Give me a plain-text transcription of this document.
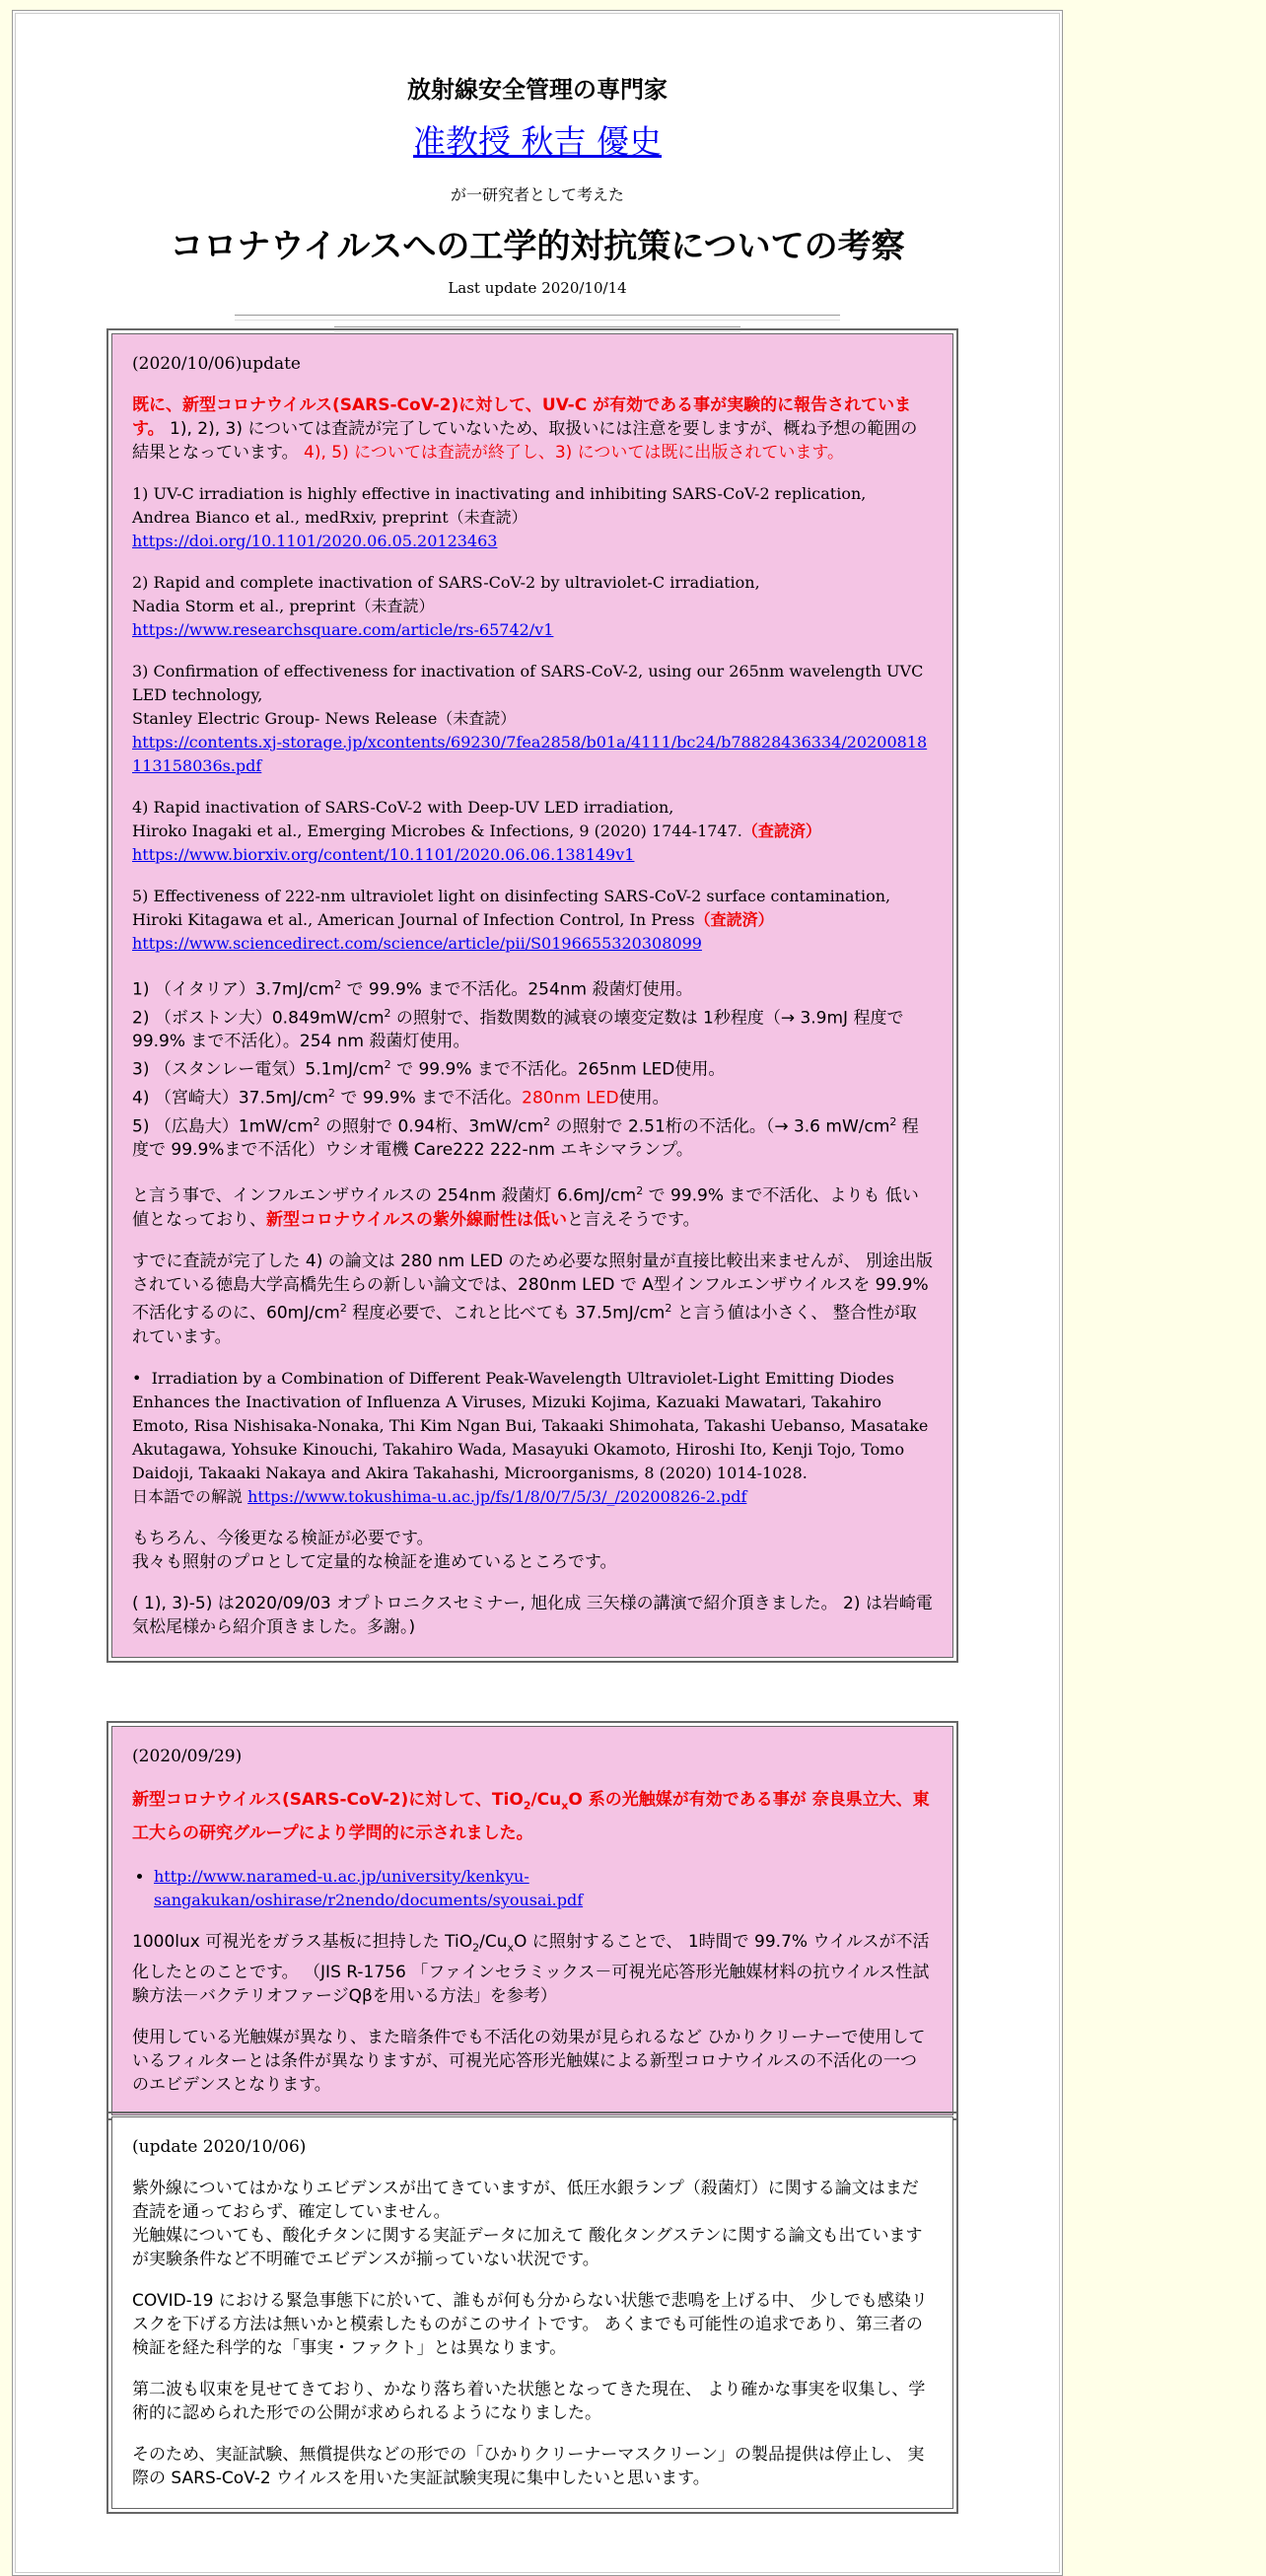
放射線安全管理の専門家
准教授 秋吉 優史
が一研究者として考えた
コロナウイルスへの工学的対抗策についての考察
Last update 2020/10/14

(2020/10/06)update

既に、新型コロナウイルス(SARS-CoV-2)に対して、UV-C が有効である事が実験的に報告されています。 1), 2), 3) については査読が完了していないため、取扱いには注意を要しますが、概ね予想の範囲の結果となっています。 4), 5) については査読が終了し、3) については既に出版されています。

1) UV-C irradiation is highly effective in inactivating and inhibiting SARS-CoV-2 replication,
Andrea Bianco et al., medRxiv, preprint（未査読）
https://doi.org/10.1101/2020.06.05.20123463

2) Rapid and complete inactivation of SARS-CoV-2 by ultraviolet-C irradiation,
Nadia Storm et al., preprint（未査読）
https://www.researchsquare.com/article/rs-65742/v1

3) Confirmation of effectiveness for inactivation of SARS-CoV-2, using our 265nm wavelength UVC LED technology,
Stanley Electric Group- News Release（未査読）
https://contents.xj-storage.jp/xcontents/69230/7fea2858/b01a/4111/bc24/b78828436334/20200818113158036s.pdf

4) Rapid inactivation of SARS-CoV-2 with Deep-UV LED irradiation,
Hiroko Inagaki et al., Emerging Microbes & Infections, 9 (2020) 1744-1747.（査読済）
https://www.biorxiv.org/content/10.1101/2020.06.06.138149v1

5) Effectiveness of 222-nm ultraviolet light on disinfecting SARS-CoV-2 surface contamination, Hiroki Kitagawa et al., American Journal of Infection Control, In Press（査読済）
https://www.sciencedirect.com/science/article/pii/S0196655320308099

1) （イタリア）$3.7mJ/cm^2$ で 99.9% まで不活化。254nm 殺菌灯使用。
2) （ボストン大）$0.849mW/cm^2$ の照射で、指数関数的減衰の壊変定数は 1秒程度（→ 3.9mJ 程度で 99.9% まで不活化）。254 nm 殺菌灯使用。
3) （スタンレー電気）$5.1mJ/cm^2$ で 99.9% まで不活化。265nm LED使用。
4) （宮崎大）$37.5mJ/cm^2$ で 99.9% まで不活化。280nm LED使用。
5) （広島大）$1mW/cm^2$ の照射で 0.94桁、$3mW/cm^2$ の照射で 2.51桁の不活化。（→ 3.6 $mW/cm^2$ 程度で 99.9%まで不活化）ウシオ電機 Care222 222-nm エキシマランプ。

と言う事で、インフルエンザウイルスの 254nm 殺菌灯 $6.6mJ/cm^2$ で 99.9% まで不活化、よりも 低い値となっており、新型コロナウイルスの紫外線耐性は低いと言えそうです。

すでに査読が完了した 4) の論文は 280 nm LED のため必要な照射量が直接比較出来ませんが、 別途出版されている徳島大学高橋先生らの新しい論文では、280nm LED で A型インフルエンザウイルスを 99.9% 不活化するのに、$60mJ/cm^2$ 程度必要で、これと比べても $37.5mJ/cm^2$ と言う値は小さく、 整合性が取れています。

•  Irradiation by a Combination of Different Peak-Wavelength Ultraviolet-Light Emitting Diodes Enhances the Inactivation of Influenza A Viruses, Mizuki Kojima, Kazuaki Mawatari, Takahiro Emoto, Risa Nishisaka-Nonaka, Thi Kim Ngan Bui, Takaaki Shimohata, Takashi Uebanso, Masatake Akutagawa, Yohsuke Kinouchi, Takahiro Wada, Masayuki Okamoto, Hiroshi Ito, Kenji Tojo, Tomo Daidoji, Takaaki Nakaya and Akira Takahashi, Microorganisms, 8 (2020) 1014-1028.
日本語での解説 https://www.tokushima-u.ac.jp/fs/1/8/0/7/5/3/_/20200826-2.pdf

もちろん、今後更なる検証が必要です。
我々も照射のプロとして定量的な検証を進めているところです。

( 1), 3)-5) は2020/09/03 オプトロニクスセミナー, 旭化成 三矢様の講演で紹介頂きました。 2) は岩崎電気松尾様から紹介頂きました。多謝。)

(2020/09/29)

新型コロナウイルス(SARS-CoV-2)に対して、$TiO_2/Cu_xO$ 系の光触媒が有効である事が 奈良県立大、東工大らの研究グループにより学問的に示されました。

• http://www.naramed-u.ac.jp/university/kenkyu-sangakukan/oshirase/r2nendo/documents/syousai.pdf

1000lux 可視光をガラス基板に担持した $TiO_2/Cu_xO$ に照射することで、 1時間で 99.7% ウイルスが不活化したとのことです。 （JIS R-1756 「ファインセラミックス－可視光応答形光触媒材料の抗ウイルス性試験方法－バクテリオファージQβを用いる方法」を参考）

使用している光触媒が異なり、また暗条件でも不活化の効果が見られるなど ひかりクリーナーで使用しているフィルターとは条件が異なりますが、可視光応答形光触媒による新型コロナウイルスの不活化の一つのエビデンスとなります。

(update 2020/10/06)

紫外線についてはかなりエビデンスが出てきていますが、低圧水銀ランプ（殺菌灯）に関する論文はまだ査読を通っておらず、確定していません。
光触媒についても、酸化チタンに関する実証データに加えて 酸化タングステンに関する論文も出ていますが実験条件など不明確でエビデンスが揃っていない状況です。

COVID-19 における緊急事態下に於いて、誰もが何も分からない状態で悲鳴を上げる中、 少しでも感染リスクを下げる方法は無いかと模索したものがこのサイトです。 あくまでも可能性の追求であり、第三者の検証を経た科学的な「事実・ファクト」とは異なります。

第二波も収束を見せてきており、かなり落ち着いた状態となってきた現在、 より確かな事実を収集し、学術的に認められた形での公開が求められるようになりました。

そのため、実証試験、無償提供などの形での「ひかりクリーナーマスクリーン」の製品提供は停止し、 実際の SARS-CoV-2 ウイルスを用いた実証試験実現に集中したいと思います。
